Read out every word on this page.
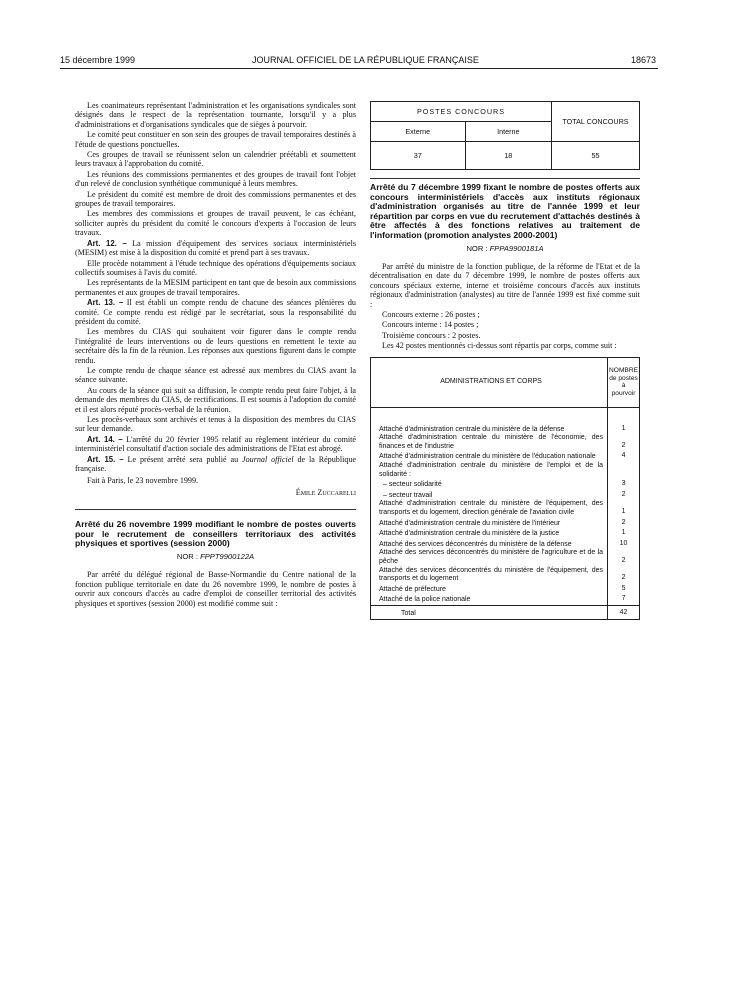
15 décembre 1999	JOURNAL OFFICIEL DE LA RÉPUBLIQUE FRANÇAISE	18673

Les coanimateurs représentant l'administration et les organisations syndicales sont désignés dans le respect de la représentation tournante, lorsqu'il y a plus d'administrations et d'organisations syndicales que de sièges à pourvoir.

Le comité peut constituer en son sein des groupes de travail temporaires destinés à l'étude de questions ponctuelles.

Ces groupes de travail se réunissent selon un calendrier préétabli et soumettent leurs travaux à l'approbation du comité.

Les réunions des commissions permanentes et des groupes de travail font l'objet d'un relevé de conclusion synthétique communiqué à leurs membres.

Le président du comité est membre de droit des commissions permanentes et des groupes de travail temporaires.

Les membres des commissions et groupes de travail peuvent, le cas échéant, solliciter auprès du président du comité le concours d'experts à l'occasion de leurs travaux.

Art. 12. – La mission d'équipement des services sociaux interministériels (MESIM) est mise à la disposition du comité et prend part à ses travaux.

Elle procède notamment à l'étude technique des opérations d'équipements sociaux collectifs soumises à l'avis du comité.

Les représentants de la MESIM participent en tant que de besoin aux commissions permanentes et aux groupes de travail temporaires.

Art. 13. – Il est établi un compte rendu de chacune des séances plénières du comité. Ce compte rendu est rédigé par le secrétariat, sous la responsabilité du président du comité.

Les membres du CIAS qui souhaitent voir figurer dans le compte rendu l'intégralité de leurs interventions ou de leurs questions en remettent le texte au secrétaire dès la fin de la réunion. Les réponses aux questions figurent dans le compte rendu.

Le compte rendu de chaque séance est adressé aux membres du CIAS avant la séance suivante.

Au cours de la séance qui suit sa diffusion, le compte rendu peut faire l'objet, à la demande des membres du CIAS, de rectifications. Il est soumis à l'adoption du comité et il est alors réputé procès-verbal de la réunion.

Les procès-verbaux sont archivés et tenus à la disposition des membres du CIAS sur leur demande.

Art. 14. – L'arrêté du 20 février 1995 relatif au règlement intérieur du comité interministériel consultatif d'action sociale des administrations de l'Etat est abrogé.

Art. 15. – Le présent arrêté sera publié au Journal officiel de la République française.

Fait à Paris, le 23 novembre 1999.

Émile Zuccarelli

Arrêté du 26 novembre 1999 modifiant le nombre de postes ouverts pour le recrutement de conseillers territoriaux des activités physiques et sportives (session 2000)

NOR : FPPT9900122A

Par arrêté du délégué régional de Basse-Normandie du Centre national de la fonction publique territoriale en date du 26 novembre 1999, le nombre de postes à ouvrir aux concours d'accès au cadre d'emploi de conseiller territorial des activités physiques et sportives (session 2000) est modifié comme suit :

POSTES CONCOURS		TOTAL CONCOURS
Externe	Interne	
37	18	55

Arrêté du 7 décembre 1999 fixant le nombre de postes offerts aux concours interministériels d'accès aux instituts régionaux d'administration organisés au titre de l'année 1999 et leur répartition par corps en vue du recrutement d'attachés destinés à être affectés à des fonctions relatives au traitement de l'information (promotion analystes 2000-2001)

NOR : FPPA9900181A

Par arrêté du ministre de la fonction publique, de la réforme de l'Etat et de la décentralisation en date du 7 décembre 1999, le nombre de postes offerts aux concours spéciaux externe, interne et troisième concours d'accès aux instituts régionaux d'administration (analystes) au titre de l'année 1999 est fixé comme suit :

Concours externe : 26 postes ;

Concours interne : 14 postes ;

Troisième concours : 2 postes.

Les 42 postes mentionnés ci-dessus sont répartis par corps, comme suit :

ADMINISTRATIONS ET CORPS	NOMBRE de postes à pourvoir
Attaché d'administration centrale du ministère de la défense	1
Attaché d'administration centrale du ministère de l'économie, des finances et de l'industrie	2
Attaché d'administration centrale du ministère de l'éducation nationale	4
Attaché d'administration centrale du ministère de l'emploi et de la solidarité :	
– secteur solidarité	3
– secteur travail	2
Attaché d'administration centrale du ministère de l'équipement, des transports et du logement, direction générale de l'aviation civile	1
Attaché d'administration centrale du ministère de l'intérieur	2
Attaché d'administration centrale du ministère de la justice	1
Attaché des services déconcentrés du ministère de la défense	10
Attaché des services déconcentrés du ministère de l'agriculture et de la pêche	2
Attaché des services déconcentrés du ministère de l'équipement, des transports et du logement	2
Attaché de préfecture	5
Attaché de la police nationale	7
Total	42
